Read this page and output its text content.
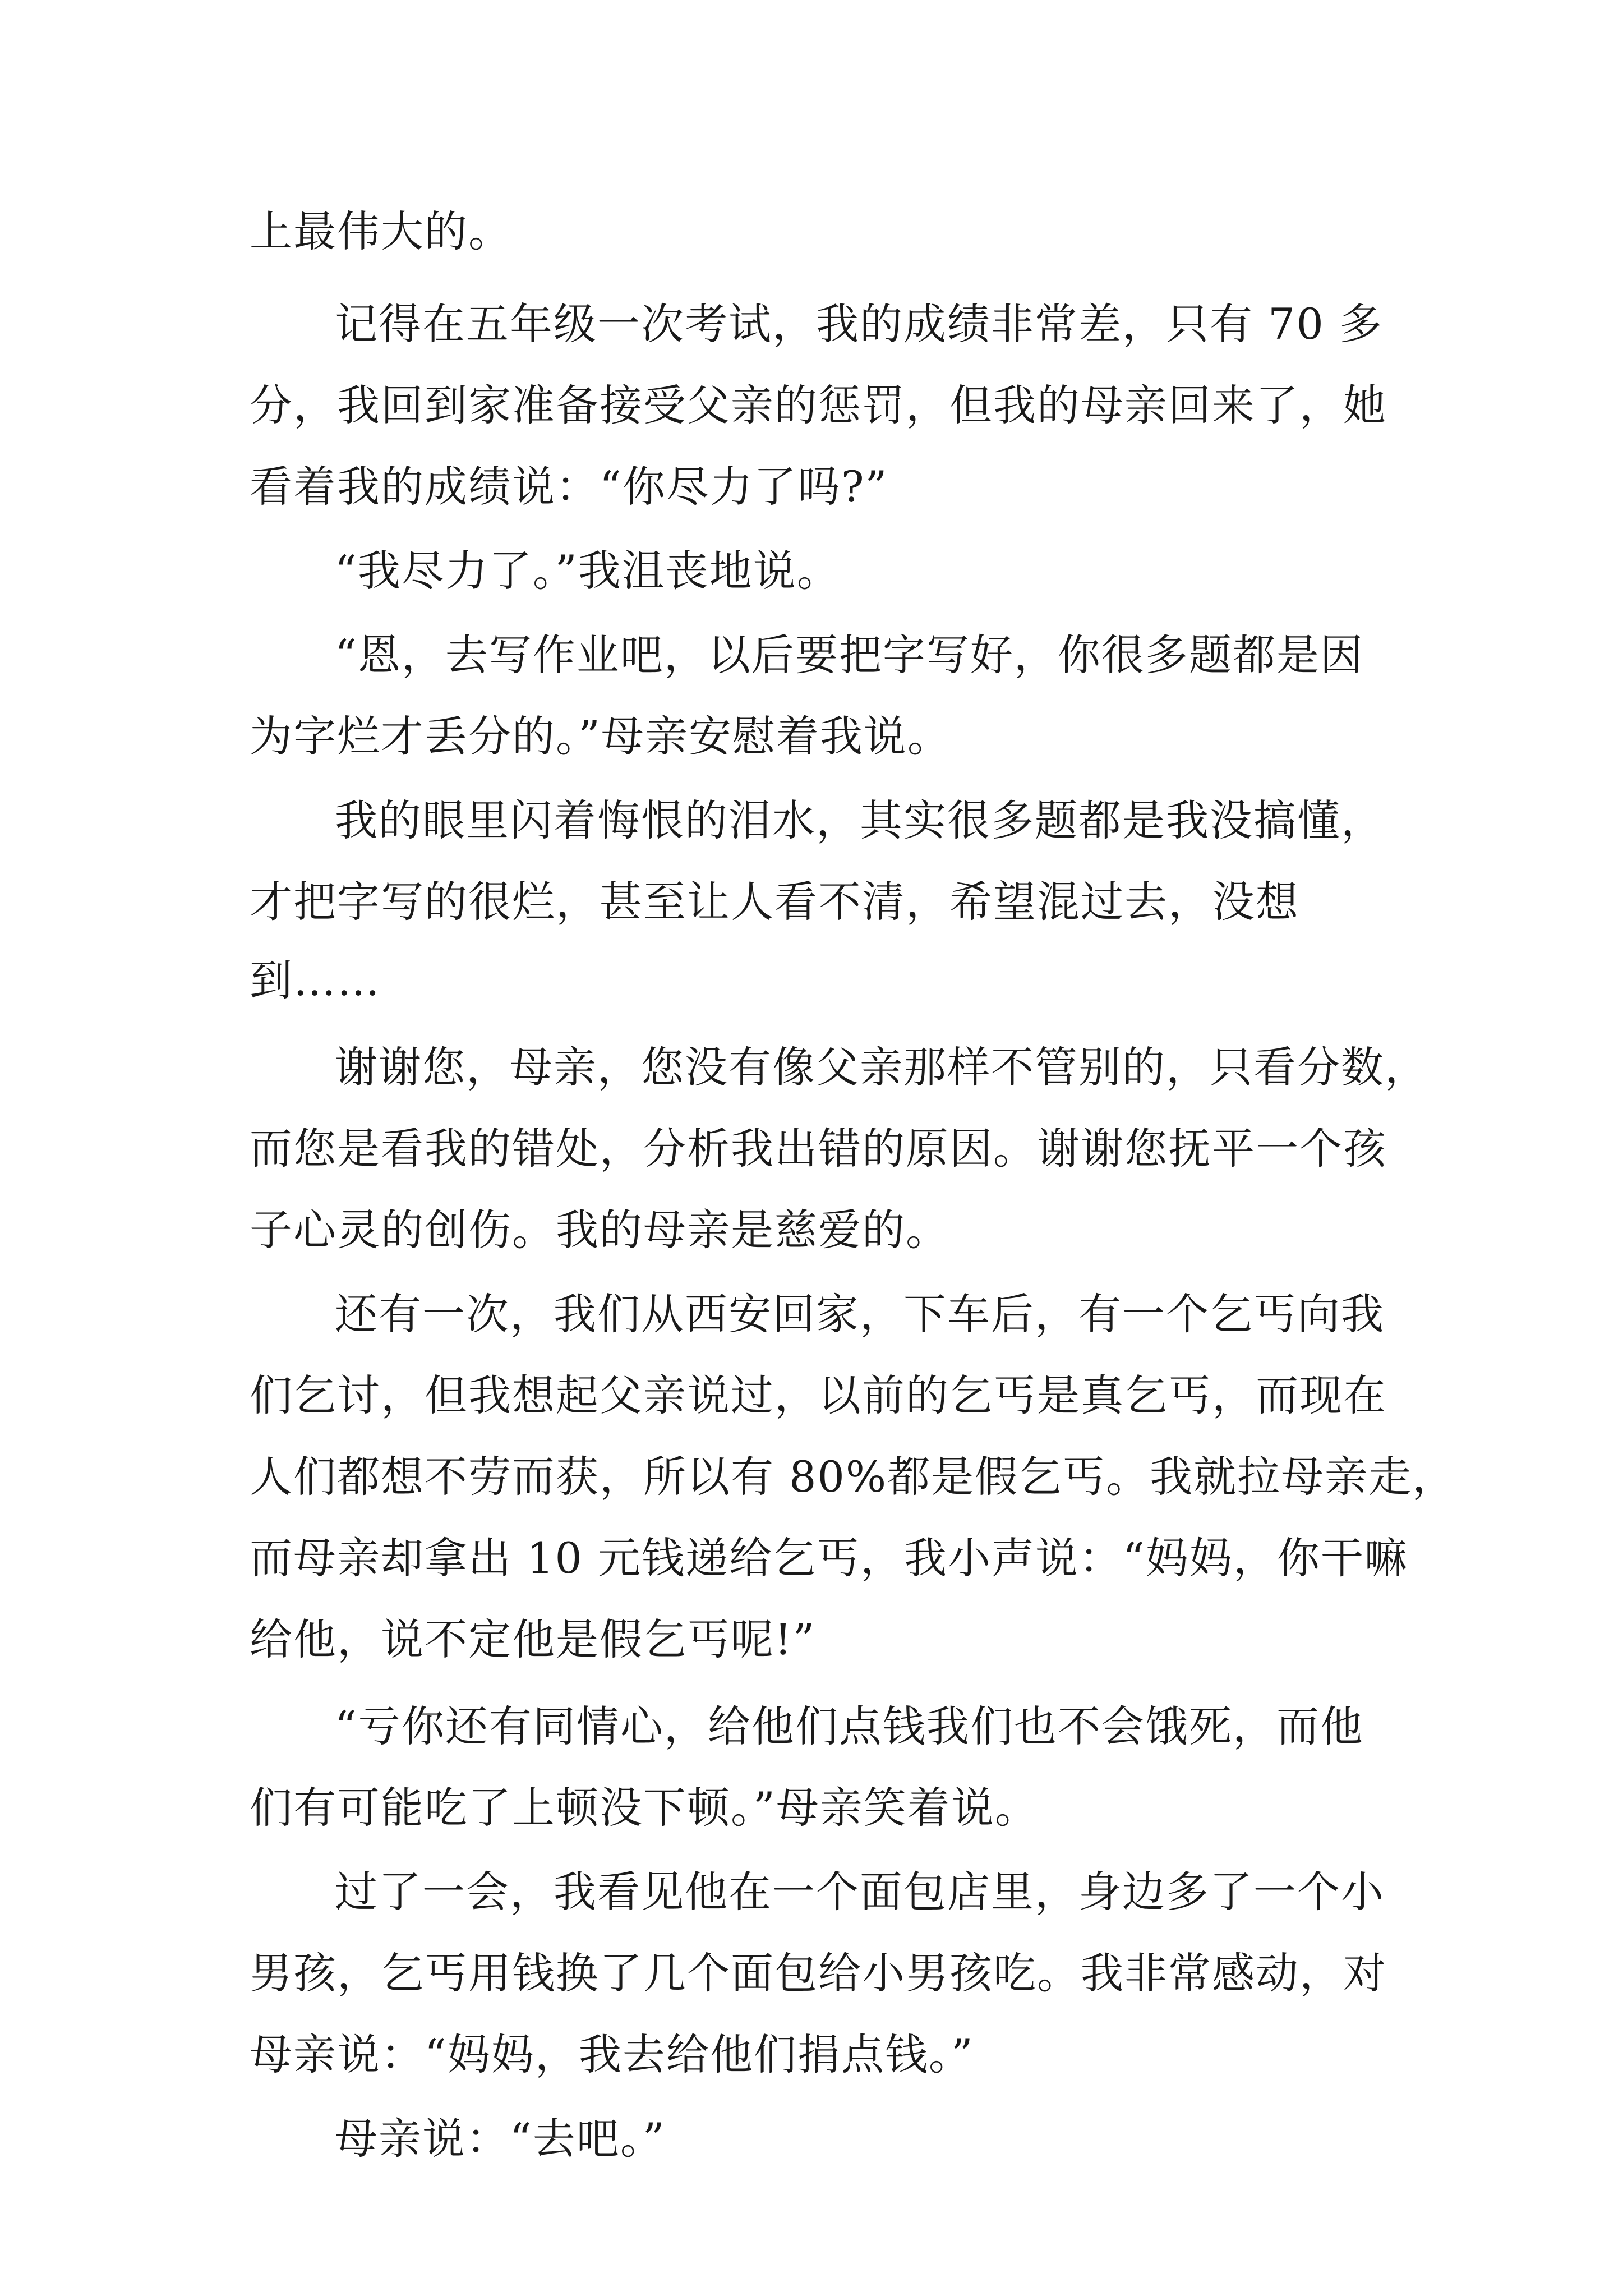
上最伟大的。
记得在五年级一次考试，我的成绩非常差，只有 70 多
分，我回到家准备接受父亲的惩罚，但我的母亲回来了，她
看着我的成绩说：“你尽力了吗?”
“我尽力了。”我沮丧地说。
“恩，去写作业吧，以后要把字写好，你很多题都是因
为字烂才丢分的。”母亲安慰着我说。
我的眼里闪着悔恨的泪水，其实很多题都是我没搞懂，
才把字写的很烂，甚至让人看不清，希望混过去，没想
到……
谢谢您，母亲，您没有像父亲那样不管别的，只看分数，
而您是看我的错处，分析我出错的原因。谢谢您抚平一个孩
子心灵的创伤。我的母亲是慈爱的。
还有一次，我们从西安回家，下车后，有一个乞丐向我
们乞讨，但我想起父亲说过，以前的乞丐是真乞丐，而现在
人们都想不劳而获，所以有 80%都是假乞丐。我就拉母亲走，
而母亲却拿出 10 元钱递给乞丐，我小声说：“妈妈，你干嘛
给他，说不定他是假乞丐呢!”
“亏你还有同情心，给他们点钱我们也不会饿死，而他
们有可能吃了上顿没下顿。”母亲笑着说。
过了一会，我看见他在一个面包店里，身边多了一个小
男孩，乞丐用钱换了几个面包给小男孩吃。我非常感动，对
母亲说：“妈妈，我去给他们捐点钱。”
母亲说：“去吧。”
